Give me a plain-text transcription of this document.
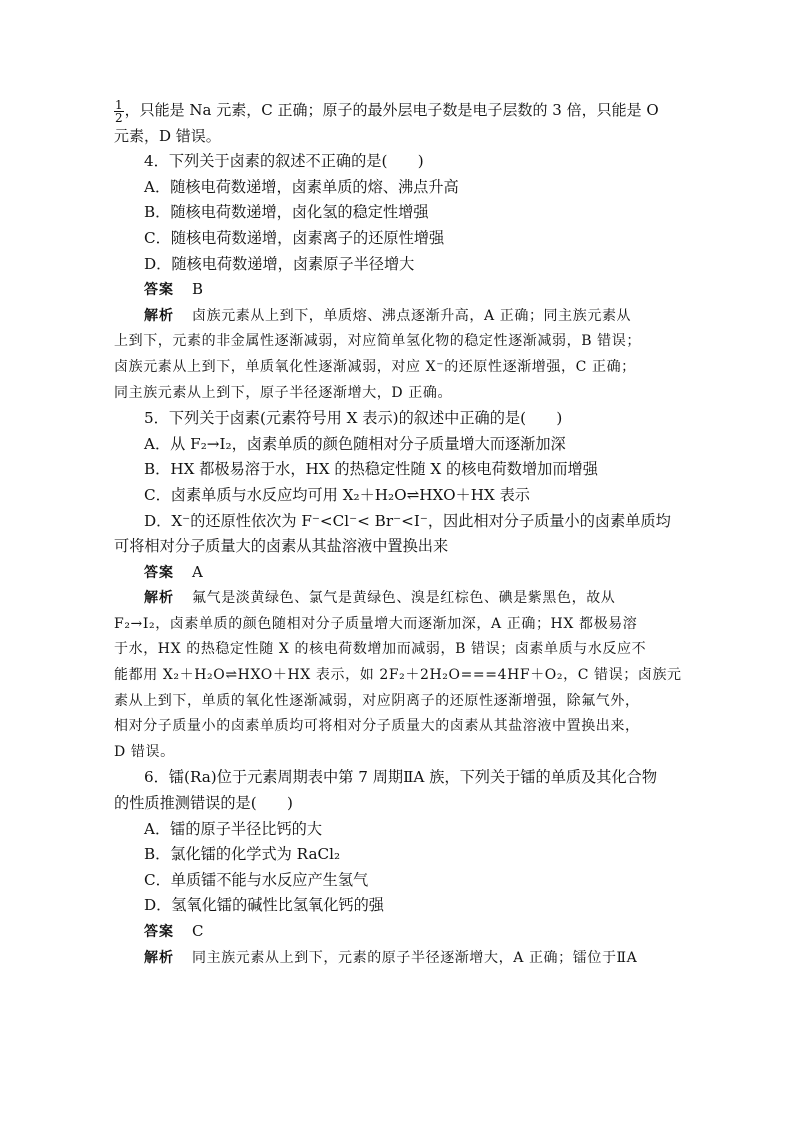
$\frac{1}{2}$ ，只能是 Na 元素，C 正确；原子的最外层电子数是电子层数的 3 倍，只能是 O
元素，D 错误。
4．下列关于卤素的叙述不正确的是(　　)
A．随核电荷数递增，卤素单质的熔、沸点升高
B．随核电荷数递增，卤化氢的稳定性增强
C．随核电荷数递增，卤素离子的还原性增强
D．随核电荷数递增，卤素原子半径增大
答案 B
解析 卤族元素从上到下，单质熔、沸点逐渐升高，A 正确；同主族元素从
上到下，元素的非金属性逐渐减弱，对应简单氢化物的稳定性逐渐减弱，B 错误；
卤族元素从上到下，单质氧化性逐渐减弱，对应 X⁻的还原性逐渐增强，C 正确；
同主族元素从上到下，原子半径逐渐增大，D 正确。
5．下列关于卤素(元素符号用 X 表示)的叙述中正确的是(　　)
A．从 F₂→I₂，卤素单质的颜色随相对分子质量增大而逐渐加深
B．HX 都极易溶于水，HX 的热稳定性随 X 的核电荷数增加而增强
C．卤素单质与水反应均可用 X₂＋H₂O⇌HXO＋HX 表示
D．X⁻的还原性依次为 F⁻<Cl⁻< Br⁻<I⁻，因此相对分子质量小的卤素单质均
可将相对分子质量大的卤素从其盐溶液中置换出来
答案 A
解析 氟气是淡黄绿色、氯气是黄绿色、溴是红棕色、碘是紫黑色，故从
F₂→I₂，卤素单质的颜色随相对分子质量增大而逐渐加深，A 正确；HX 都极易溶
于水，HX 的热稳定性随 X 的核电荷数增加而减弱，B 错误；卤素单质与水反应不
能都用 X₂＋H₂O⇌HXO＋HX 表示，如 2F₂＋2H₂O===4HF＋O₂，C 错误；卤族元
素从上到下，单质的氧化性逐渐减弱，对应阴离子的还原性逐渐增强，除氟气外，
相对分子质量小的卤素单质均可将相对分子质量大的卤素从其盐溶液中置换出来，
D 错误。
6．镭(Ra)位于元素周期表中第 7 周期ⅡA 族，下列关于镭的单质及其化合物
的性质推测错误的是(　　)
A．镭的原子半径比钙的大
B．氯化镭的化学式为 RaCl₂
C．单质镭不能与水反应产生氢气
D．氢氧化镭的碱性比氢氧化钙的强
答案 C
解析 同主族元素从上到下，元素的原子半径逐渐增大，A 正确；镭位于ⅡA
